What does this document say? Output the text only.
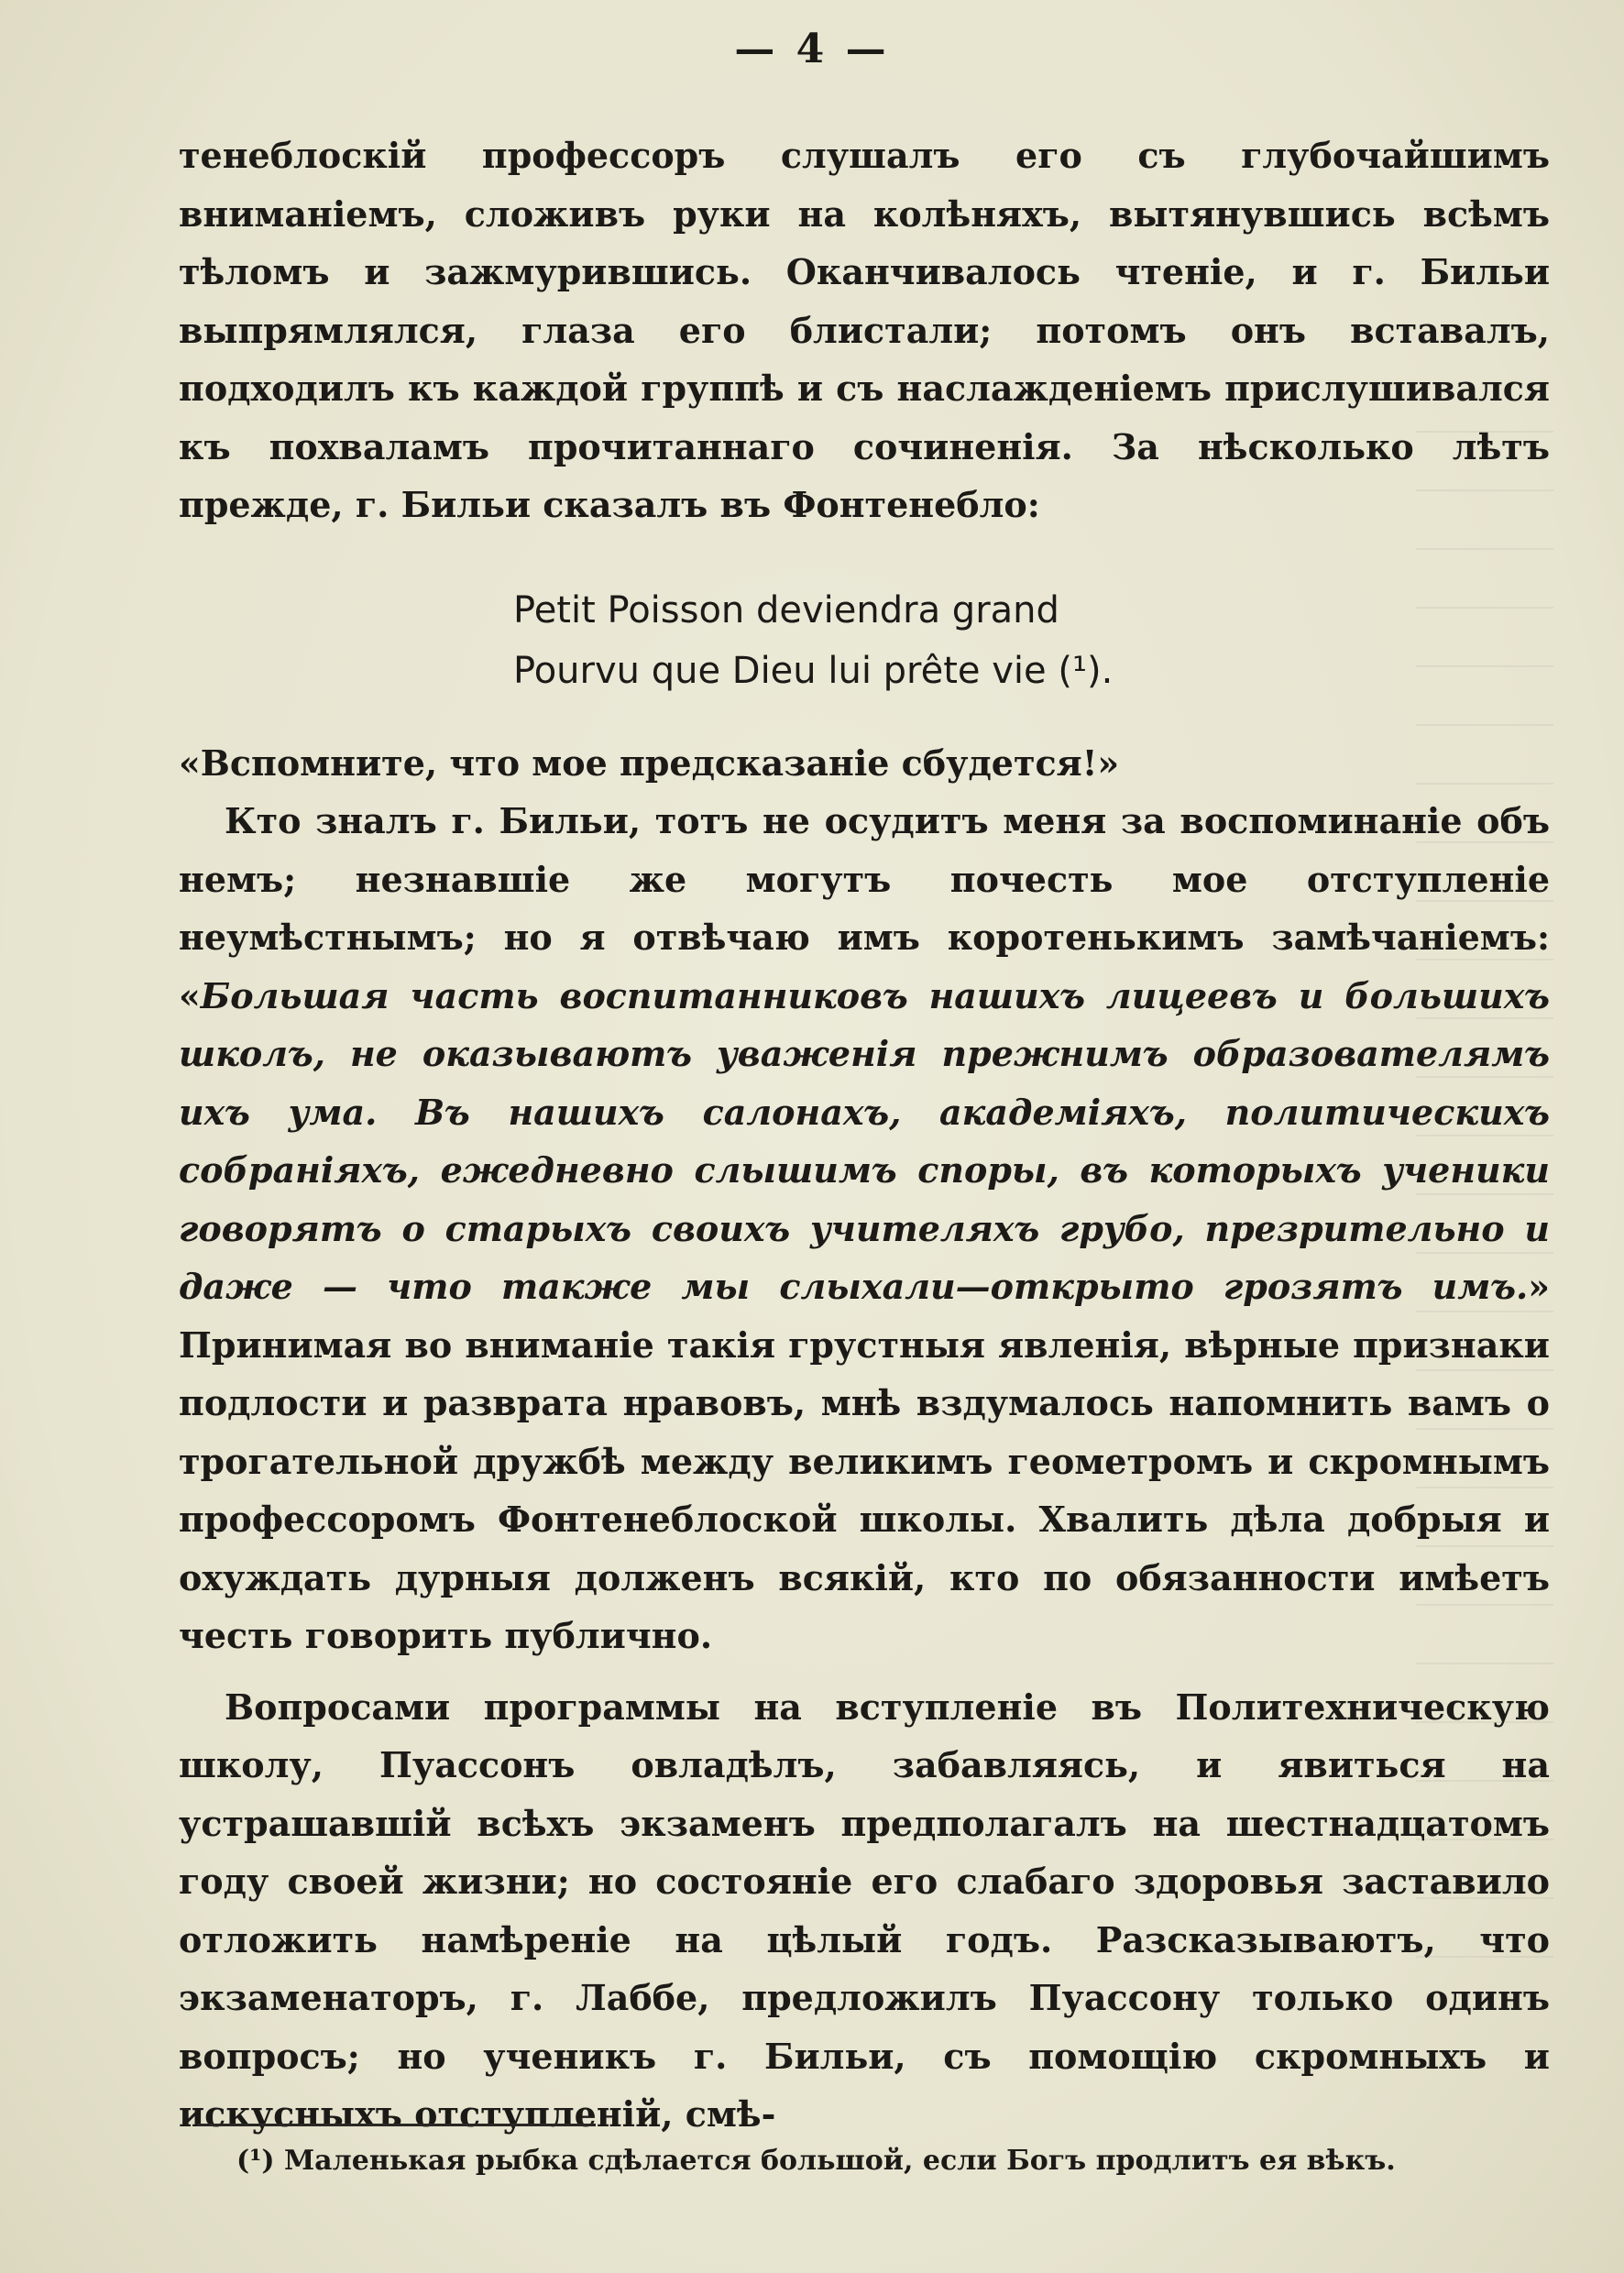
— 4 —

тенеблоскій профессоръ слушалъ его съ глубочайшимъ вниманіемъ, сложивъ руки на колѣняхъ, вытянувшись всѣмъ тѣломъ и зажмурившись. Оканчивалось чтеніе, и г. Бильи выпрямлялся, глаза его блистали; потомъ онъ вставалъ, подходилъ къ каждой группѣ и съ наслажденіемъ прислушивался къ похваламъ прочитаннаго сочиненія. За нѣсколько лѣтъ прежде, г. Бильи сказалъ въ Фонтенебло:

Petit Poisson deviendra grand
Pourvu que Dieu lui prête vie (¹).

«Вспомните, что мое предсказаніе сбудется!»

Кто зналъ г. Бильи, тотъ не осудитъ меня за воспоминаніе объ немъ; незнавшіе же могутъ почесть мое отступленіе неумѣстнымъ; но я отвѣчаю имъ коротенькимъ замѣчаніемъ: «Большая часть воспитанниковъ нашихъ лицеевъ и большихъ школъ, не оказываютъ уваженія прежнимъ образователямъ ихъ ума. Въ нашихъ салонахъ, академіяхъ, политическихъ собраніяхъ, ежедневно слышимъ споры, въ которыхъ ученики говорятъ о старыхъ своихъ учителяхъ грубо, презрительно и даже — что также мы слыхали—открыто грозятъ имъ.» Принимая во вниманіе такія грустныя явленія, вѣрные признаки подлости и разврата нравовъ, мнѣ вздумалось напомнить вамъ о трогательной дружбѣ между великимъ геометромъ и скромнымъ профессоромъ Фонтенеблоской школы. Хвалить дѣла добрыя и охуждать дурныя долженъ всякій, кто по обязанности имѣетъ честь говорить публично.

Вопросами программы на вступленіе въ Политехническую школу, Пуассонъ овладѣлъ, забавляясь, и явиться на устрашавшій всѣхъ экзаменъ предполагалъ на шестнадцатомъ году своей жизни; но состояніе его слабаго здоровья заставило отложить намѣреніе на цѣлый годъ. Разсказываютъ, что экзаменаторъ, г. Лаббе, предложилъ Пуассону только одинъ вопросъ; но ученикъ г. Бильи, съ помощію скромныхъ и искусныхъ отступленій, смѣ-

(¹) Маленькая рыбка сдѣлается большой, если Богъ продлитъ ея вѣкъ.
